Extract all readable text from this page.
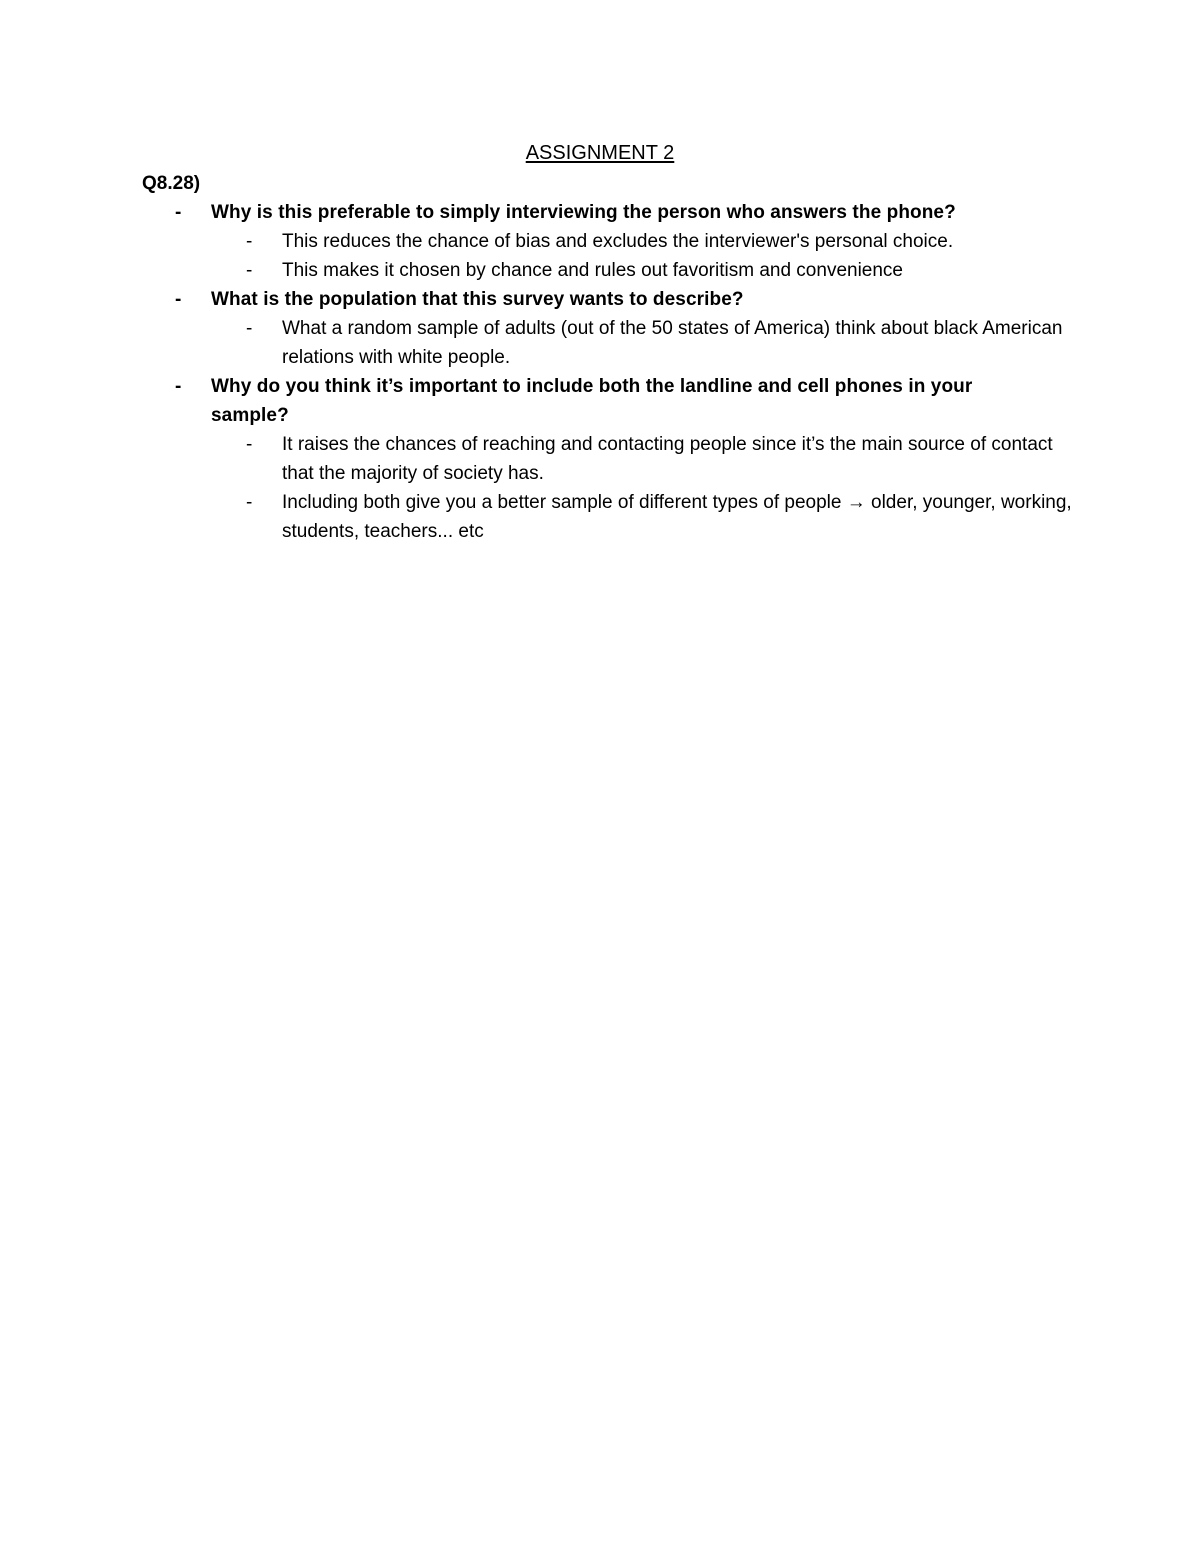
ASSIGNMENT 2
Q8.28)
- Why is this preferable to simply interviewing the person who answers the phone?
- This reduces the chance of bias and excludes the interviewer's personal choice.
- This makes it chosen by chance and rules out favoritism and convenience
- What is the population that this survey wants to describe?
- What a random sample of adults (out of the 50 states of America) think about black American relations with white people.
- Why do you think it’s important to include both the landline and cell phones in your sample?
- It raises the chances of reaching and contacting people since it’s the main source of contact that the majority of society has.
- Including both give you a better sample of different types of people → older, younger, working, students, teachers... etc
